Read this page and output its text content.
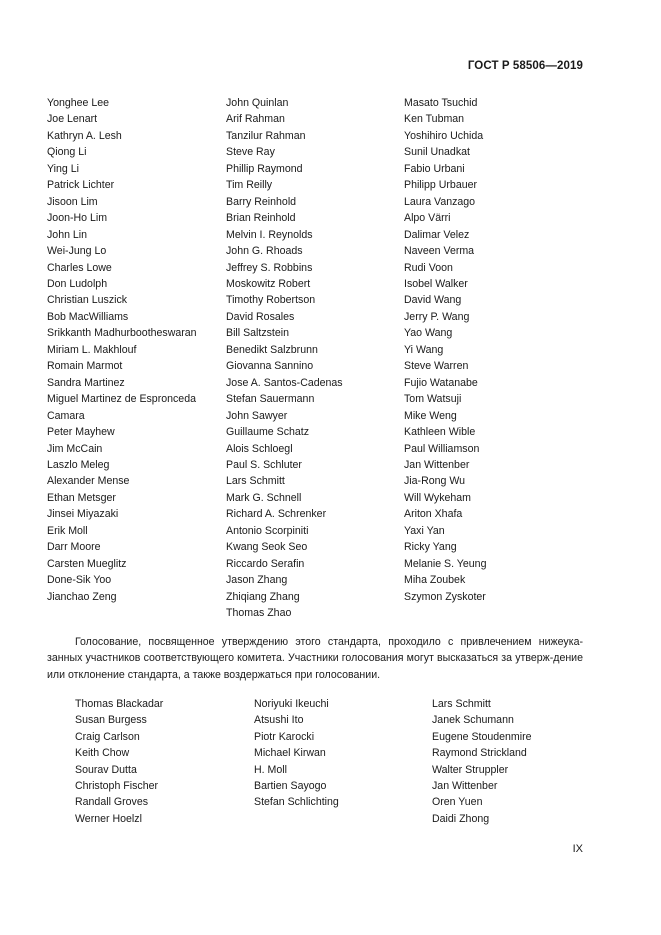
ГОСТ Р 58506—2019
Yonghee Lee
Joe Lenart
Kathryn A. Lesh
Qiong Li
Ying Li
Patrick Lichter
Jisoon Lim
Joon-Ho Lim
John Lin
Wei-Jung Lo
Charles Lowe
Don Ludolph
Christian Luszick
Bob MacWilliams
Srikkanth Madhurbootheswaran
Miriam L. Makhlouf
Romain Marmot
Sandra Martinez
Miguel Martinez de Espronceda
Camara
Peter Mayhew
Jim McCain
Laszlo Meleg
Alexander Mense
Ethan Metsger
Jinsei Miyazaki
Erik Moll
Darr Moore
Carsten Mueglitz
Done-Sik Yoo
Jianchao Zeng
John Quinlan
Arif Rahman
Tanzilur Rahman
Steve Ray
Phillip Raymond
Tim Reilly
Barry Reinhold
Brian Reinhold
Melvin I. Reynolds
John G. Rhoads
Jeffrey S. Robbins
Moskowitz Robert
Timothy Robertson
David Rosales
Bill Saltzstein
Benedikt Salzbrunn
Giovanna Sannino
Jose A. Santos-Cadenas
Stefan Sauermann
John Sawyer
Guillaume Schatz
Alois Schloegl
Paul S. Schluter
Lars Schmitt
Mark G. Schnell
Richard A. Schrenker
Antonio Scorpiniti
Kwang Seok Seo
Riccardo Serafin
Jason Zhang
Zhiqiang Zhang
Thomas Zhao
Masato Tsuchid
Ken Tubman
Yoshihiro Uchida
Sunil Unadkat
Fabio Urbani
Philipp Urbauer
Laura Vanzago
Alpo Värri
Dalimar Velez
Naveen Verma
Rudi Voon
Isobel Walker
David Wang
Jerry P. Wang
Yao Wang
Yi Wang
Steve Warren
Fujio Watanabe
Tom Watsuji
Mike Weng
Kathleen Wible
Paul Williamson
Jan Wittenber
Jia-Rong Wu
Will Wykeham
Ariton Xhafa
Yaxi Yan
Ricky Yang
Melanie S. Yeung
Miha Zoubek
Szymon Zyskoter
Голосование, посвященное утверждению этого стандарта, проходило с привлечением нижеука-занных участников соответствующего комитета. Участники голосования могут высказаться за утверж-дение или отклонение стандарта, а также воздержаться при голосовании.
Thomas Blackadar
Susan Burgess
Craig Carlson
Keith Chow
Sourav Dutta
Christoph Fischer
Randall Groves
Werner Hoelzl
Noriyuki Ikeuchi
Atsushi Ito
Piotr Karocki
Michael Kirwan
H. Moll
Bartien Sayogo
Stefan Schlichting
Lars Schmitt
Janek Schumann
Eugene Stoudenmire
Raymond Strickland
Walter Struppler
Jan Wittenber
Oren Yuen
Daidi Zhong
IX
